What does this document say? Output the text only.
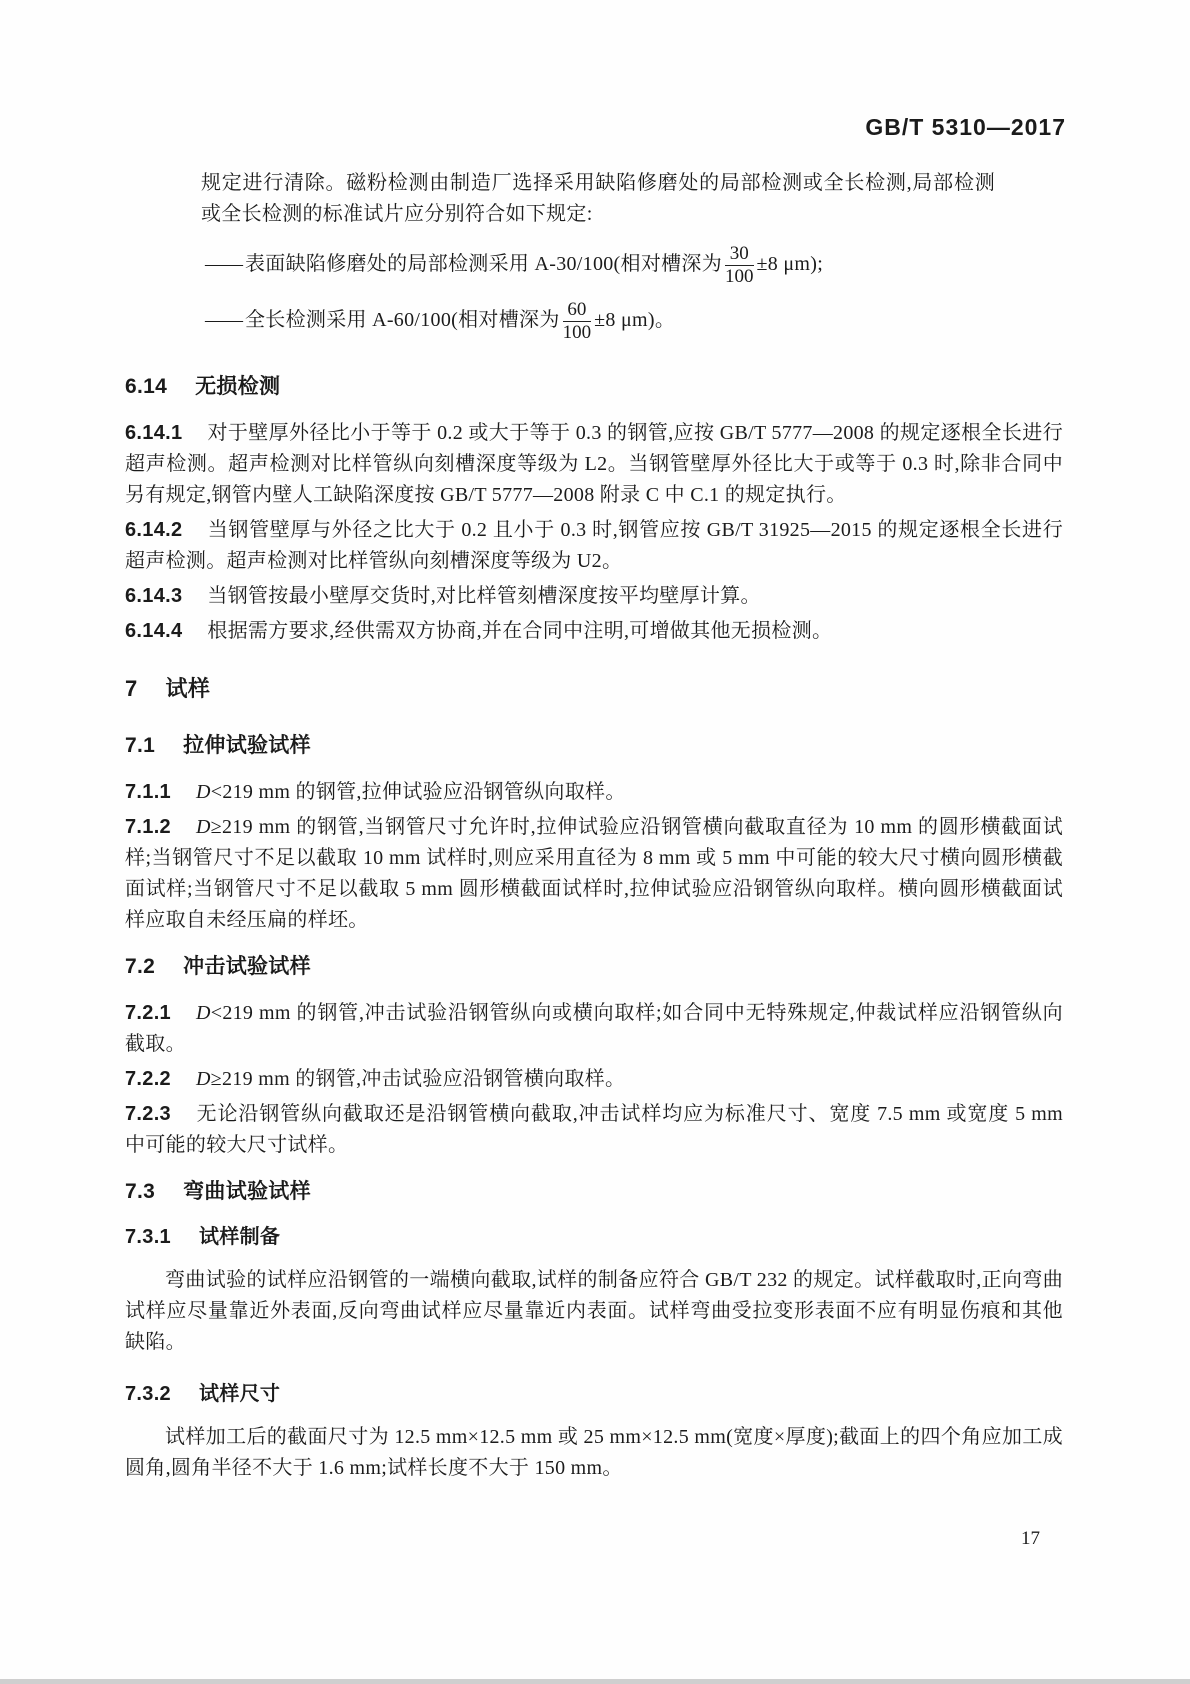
GB/T 5310—2017

规定进行清除。磁粉检测由制造厂选择采用缺陷修磨处的局部检测或全长检测,局部检测或全长检测的标准试片应分别符合如下规定:

—— 表面缺陷修磨处的局部检测采用 A-30/100(相对槽深为 $\frac{30}{100} \pm 8$ μm);
—— 全长检测采用 A-60/100(相对槽深为 $\frac{60}{100} \pm 8$ μm)。
6.14 无损检测

6.14.1 对于壁厚外径比小于等于 0.2 或大于等于 0.3 的钢管,应按 GB/T 5777—2008 的规定逐根全长进行超声检测。超声检测对比样管纵向刻槽深度等级为 L2。当钢管壁厚外径比大于或等于 0.3 时,除非合同中另有规定,钢管内壁人工缺陷深度按 GB/T 5777—2008 附录 C 中 C.1 的规定执行。

6.14.2 当钢管壁厚与外径之比大于 0.2 且小于 0.3 时,钢管应按 GB/T 31925—2015 的规定逐根全长进行超声检测。超声检测对比样管纵向刻槽深度等级为 U2。

6.14.3 当钢管按最小壁厚交货时,对比样管刻槽深度按平均壁厚计算。

6.14.4 根据需方要求,经供需双方协商,并在合同中注明,可增做其他无损检测。

7 试样
7.1 拉伸试验试样

7.1.1 D<219 mm 的钢管,拉伸试验应沿钢管纵向取样。

7.1.2 D≥219 mm 的钢管,当钢管尺寸允许时,拉伸试验应沿钢管横向截取直径为 10 mm 的圆形横截面试样;当钢管尺寸不足以截取 10 mm 试样时,则应采用直径为 8 mm 或 5 mm 中可能的较大尺寸横向圆形横截面试样;当钢管尺寸不足以截取 5 mm 圆形横截面试样时,拉伸试验应沿钢管纵向取样。横向圆形横截面试样应取自未经压扁的样坯。

7.2 冲击试验试样

7.2.1 D<219 mm 的钢管,冲击试验沿钢管纵向或横向取样;如合同中无特殊规定,仲裁试样应沿钢管纵向截取。

7.2.2 D≥219 mm 的钢管,冲击试验应沿钢管横向取样。

7.2.3 无论沿钢管纵向截取还是沿钢管横向截取,冲击试样均应为标准尺寸、宽度 7.5 mm 或宽度 5 mm 中可能的较大尺寸试样。

7.3 弯曲试验试样
7.3.1 试样制备

弯曲试验的试样应沿钢管的一端横向截取,试样的制备应符合 GB/T 232 的规定。试样截取时,正向弯曲试样应尽量靠近外表面,反向弯曲试样应尽量靠近内表面。试样弯曲受拉变形表面不应有明显伤痕和其他缺陷。

7.3.2 试样尺寸

试样加工后的截面尺寸为 12.5 mm×12.5 mm 或 25 mm×12.5 mm(宽度×厚度);截面上的四个角应加工成圆角,圆角半径不大于 1.6 mm;试样长度不大于 150 mm。

17
